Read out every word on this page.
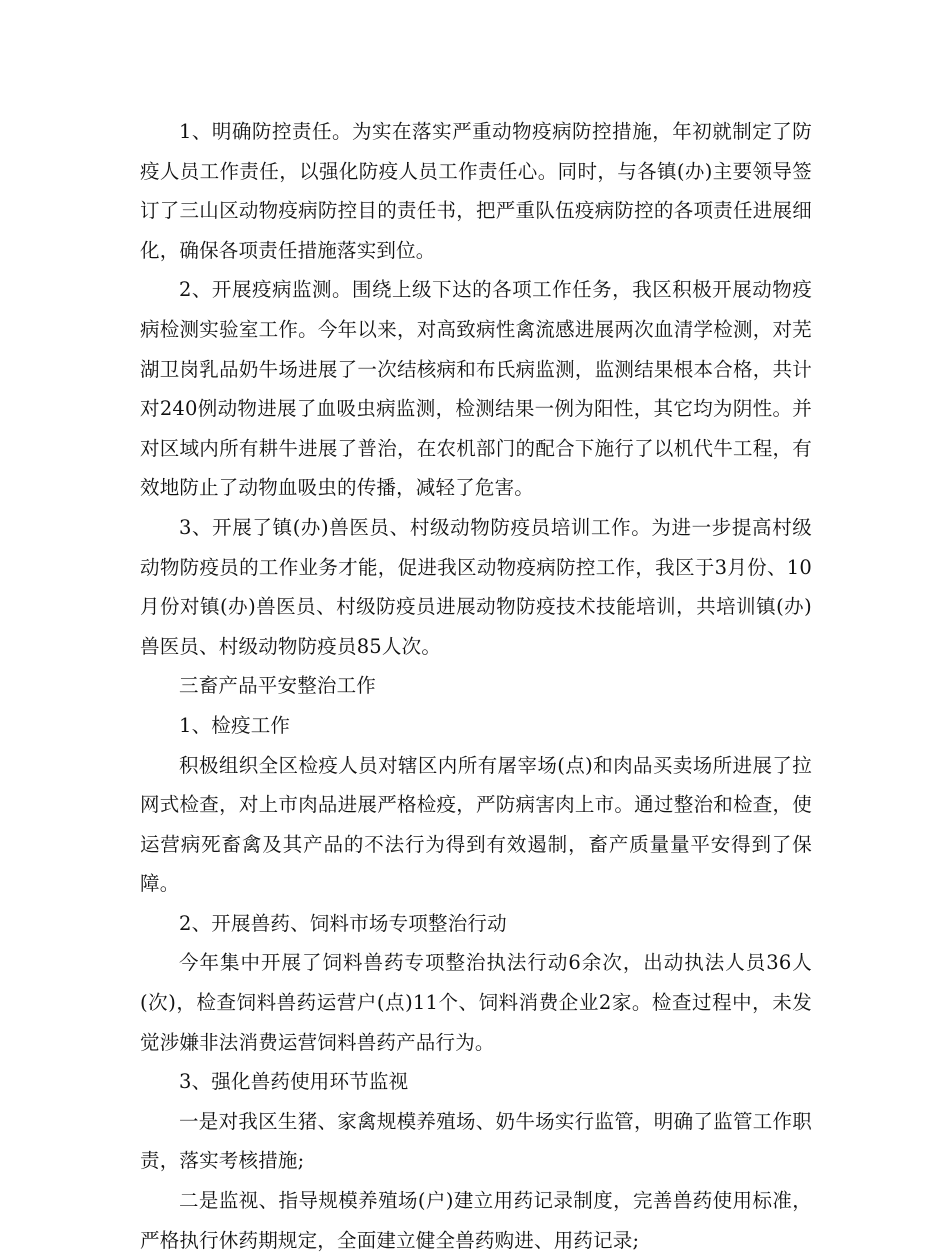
1、明确防控责任。为实在落实严重动物疫病防控措施，年初就制定了防疫人员工作责任，以强化防疫人员工作责任心。同时，与各镇(办)主要领导签订了三山区动物疫病防控目的责任书，把严重队伍疫病防控的各项责任进展细化，确保各项责任措施落实到位。

2、开展疫病监测。围绕上级下达的各项工作任务，我区积极开展动物疫病检测实验室工作。今年以来，对高致病性禽流感进展两次血清学检测，对芜湖卫岗乳品奶牛场进展了一次结核病和布氏病监测，监测结果根本合格，共计对240例动物进展了血吸虫病监测，检测结果一例为阳性，其它均为阴性。并对区域内所有耕牛进展了普治，在农机部门的配合下施行了以机代牛工程，有效地防止了动物血吸虫的传播，减轻了危害。

3、开展了镇(办)兽医员、村级动物防疫员培训工作。为进一步提高村级动物防疫员的工作业务才能，促进我区动物疫病防控工作，我区于3月份、10月份对镇(办)兽医员、村级防疫员进展动物防疫技术技能培训，共培训镇(办)兽医员、村级动物防疫员85人次。

三畜产品平安整治工作

1、检疫工作

积极组织全区检疫人员对辖区内所有屠宰场(点)和肉品买卖场所进展了拉网式检查，对上市肉品进展严格检疫，严防病害肉上市。通过整治和检查，使运营病死畜禽及其产品的不法行为得到有效遏制，畜产质量量平安得到了保障。

2、开展兽药、饲料市场专项整治行动

今年集中开展了饲料兽药专项整治执法行动6余次，出动执法人员36人(次)，检查饲料兽药运营户(点)11个、饲料消费企业2家。检查过程中，未发觉涉嫌非法消费运营饲料兽药产品行为。

3、强化兽药使用环节监视

一是对我区生猪、家禽规模养殖场、奶牛场实行监管，明确了监管工作职责，落实考核措施;

二是监视、指导规模养殖场(户)建立用药记录制度，完善兽药使用标准，严格执行休药期规定，全面建立健全兽药购进、用药记录;
